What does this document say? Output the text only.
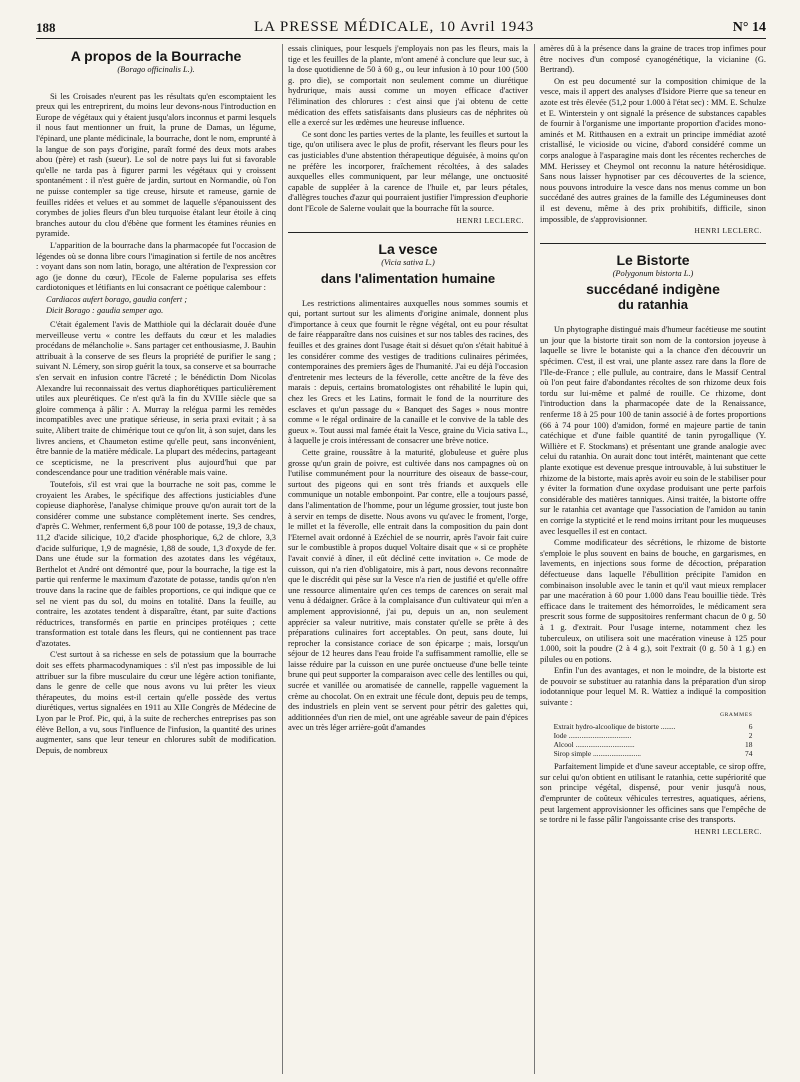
188	LA PRESSE MÉDICALE, 10 Avril 1943	N° 14
A propos de la Bourrache
(Borago officinalis L.).

Si les Croisades n'eurent pas les résultats qu'en escomptaient les preux qui les entreprirent, du moins leur devons-nous l'introduction en Europe de végétaux qui y étaient jusqu'alors inconnus et parmi lesquels il nous faut mentionner un fruit, la prune de Damas, un légume, l'épinard, une plante médicinale, la bourrache, dont le nom, emprunté à la langue de son pays d'origine, paraît formé des deux mots arabes abou (père) et rash (sueur). Le sol de notre pays lui fut si favorable qu'elle ne tarda pas à figurer parmi les végétaux qui y croissent spontanément : il n'est guère de jardin, surtout en Normandie, où l'on ne puisse contempler sa tige creuse, hirsute et rameuse, garnie de feuilles ridées et velues et au sommet de laquelle s'épanouissent des corymbes de jolies fleurs d'un bleu turquoise étalant leur étoile à cinq branches autour du clou d'ébène que forment les étamines réunies en pyramide.

L'apparition de la bourrache dans la pharmacopée fut l'occasion de légendes où se donna libre cours l'imagination si fertile de nos ancêtres : voyant dans son nom latin, borago, une altération de l'expression cor ago (je donne du cœur), l'Ecole de Falerne popularisa ses effets cardiotoniques et létifiants en lui consacrant ce poétique calembour :

Cardiacos aufert borago, gaudia confert ;

Dicit Borago : gaudia semper ago.

C'était également l'avis de Matthiole qui la déclarait douée d'une merveilleuse vertu « contre les deffauts du cœur et les maladies procédans de mélancholie ». Sans partager cet enthousiasme, J. Bauhin attribuait à la conserve de ses fleurs la propriété de purifier le sang ; suivant N. Lémery, son sirop guérit la toux, sa conserve et sa bourrache s'en servait en infusion contre l'âcreté ; le bénédictin Dom Nicolas Alexandre lui reconnaissait des vertus diaphorétiques particulièrement utiles aux pleurétiques. Ce n'est qu'à la fin du XVIIIe siècle que sa gloire commença à pâlir : A. Murray la relégua parmi les remèdes incompatibles avec une pratique sérieuse, in seria praxi evitait ; à sa suite, Alibert traite de chimérique tout ce qu'on lit, à son sujet, dans les livres anciens, et Chaumeton estime qu'elle peut, sans inconvénient, être bannie de la matière médicale. La plupart des médecins, partageant ce scepticisme, ne la prescrivent plus aujourd'hui que par condescendance pour une tradition vénérable mais vaine.

Toutefois, s'il est vrai que la bourrache ne soit pas, comme le croyaient les Arabes, le spécifique des affections justiciables d'une copieuse diaphorèse, l'analyse chimique prouve qu'on aurait tort de la considérer comme une substance complètement inerte. Ses cendres, d'après C. Wehmer, renferment 6,8 pour 100 de potasse, 19,3 de chaux, 11,2 d'acide silicique, 10,2 d'acide phosphorique, 6,2 de chlore, 3,3 d'acide sulfurique, 1,9 de magnésie, 1,88 de soude, 1,3 d'oxyde de fer. Dans une étude sur la formation des azotates dans les végétaux, Berthelot et André ont démontré que, pour la bourrache, la tige est la partie qui renferme le maximum d'azotate de potasse, tandis qu'on n'en trouve dans la racine que de faibles proportions, ce qui indique que ce sel ne vient pas du sol, du moins en totalité. Dans la feuille, au contraire, les azotates tendent à disparaître, étant, par suite d'actions réductrices, transformés en partie en principes protéiques ; cette transformation est totale dans les fleurs, qui ne contiennent pas trace d'azotates.

C'est surtout à sa richesse en sels de potassium que la bourrache doit ses effets pharmacodynamiques : s'il n'est pas impossible de lui attribuer sur la fibre musculaire du cœur une légère action tonifiante, dans le genre de celle que nous avons vu lui prêter les vieux thérapeutes, du moins est-il certain qu'elle possède des vertus diurétiques, vertus signalées en 1911 au XIIe Congrès de Médecine de Lyon par le Prof. Pic, qui, à la suite de recherches entreprises pas son élève Bellon, a vu, sous l'influence de l'infusion, la quantité des urines augmenter, sans que leur teneur en chlorures subît de modification. Depuis, de nombreux

essais cliniques, pour lesquels j'employais non pas les fleurs, mais la tige et les feuilles de la plante, m'ont amené à conclure que leur suc, à la dose quotidienne de 50 à 60 g., ou leur infusion à 10 pour 100 (500 g. pro die), se comportait non seulement comme un diurétique hydrurique, mais aussi comme un moyen efficace d'activer l'élimination des chlorures : c'est ainsi que j'ai obtenu de cette médication des effets satisfaisants dans plusieurs cas de néphrites où elle a exercé sur les œdèmes une heureuse influence.

Ce sont donc les parties vertes de la plante, les feuilles et surtout la tige, qu'on utilisera avec le plus de profit, réservant les fleurs pour les cas justiciables d'une abstention thérapeutique déguisée, à moins qu'on ne préfère les incorporer, fraîchement récoltées, à des salades auxquelles elles communiquent, par leur mélange, une onctuosité capable de suppléer à la carence de l'huile et, par leurs pétales, d'allègres touches d'azur qui pourraient justifier l'impression d'euphorie dont l'Ecole de Salerne voulait que la bourrache fût la source.

HENRI LECLERC.
La vesce
(Vicia sativa L.)
dans l'alimentation humaine

Les restrictions alimentaires auxquelles nous sommes soumis et qui, portant surtout sur les aliments d'origine animale, donnent plus d'importance à ceux que fournit le règne végétal, ont eu pour résultat de faire réapparaître dans nos cuisines et sur nos tables des racines, des feuilles et des graines dont l'usage était si désuet qu'on s'était habitué à les considérer comme des vestiges de traditions culinaires périmées, contemporaines des premiers âges de l'humanité. J'ai eu déjà l'occasion d'entretenir mes lecteurs de la féverolle, cette ancêtre de la fève des marais : depuis, certains bromatologistes ont réhabilité le lupin qui, chez les Grecs et les Latins, formait le fond de la nourriture des esclaves et qu'un passage du « Banquet des Sages » nous montre comme « le régal ordinaire de la canaille et le convive de la table des gueux ». Tout aussi mal famée était la Vesce, graine du Vicia sativa L., à laquelle je crois intéressant de consacrer une brève notice.

Cette graine, roussâtre à la maturité, globuleuse et guère plus grosse qu'un grain de poivre, est cultivée dans nos campagnes où on l'utilise communément pour la nourriture des oiseaux de basse-cour, surtout des pigeons qui en sont très friands et auxquels elle communique un notable embonpoint. Par contre, elle a toujours passé, dans l'alimentation de l'homme, pour un légume grossier, tout juste bon à servir en temps de disette. Nous avons vu qu'avec le froment, l'orge, le millet et la féverolle, elle entrait dans la composition du pain dont l'Eternel avait ordonné à Ezéchiel de se nourrir, après l'avoir fait cuire sur le combustible à propos duquel Voltaire disait que « si ce prophète l'avait convié à dîner, il eût décliné cette invitation ». Ce mode de cuisson, qui n'a rien d'obligatoire, mis à part, nous devons reconnaître que le discrédit qui pèse sur la Vesce n'a rien de justifié et qu'elle offre une ressource alimentaire qu'en ces temps de carences on serait mal venu à dédaigner. Grâce à la complaisance d'un cultivateur qui m'en a amplement approvisionné, j'ai pu, depuis un an, non seulement apprécier sa valeur nutritive, mais constater qu'elle se prête à des préparations culinaires fort acceptables. On peut, sans doute, lui reprocher la consistance coriace de son épicarpe ; mais, lorsqu'un séjour de 12 heures dans l'eau froide l'a suffisamment ramollie, elle se laisse réduire par la cuisson en une purée onctueuse d'une belle teinte brune qui peut supporter la comparaison avec celle des lentilles ou qui, sucrée et vanillée ou aromatisée de cannelle, rappelle vaguement la crème au chocolat. On en extrait une fécule dont, depuis peu de temps, des industriels en plein vent se servent pour pétrir des galettes qui, additionnées d'un rien de miel, ont une agréable saveur de pain d'épices avec un très léger arrière-goût d'amandes

amères dû à la présence dans la graine de traces trop infimes pour être nocives d'un composé cyanogénétique, la vicianine (G. Bertrand).

On est peu documenté sur la composition chimique de la vesce, mais il appert des analyses d'Isidore Pierre que sa teneur en azote est très élevée (51,2 pour 1.000 à l'état sec) : MM. E. Schulze et E. Winterstein y ont signalé la présence de substances capables de fournir à l'organisme une importante proportion d'acides mono-aminés et M. Ritthausen en a extrait un principe immédiat azoté cristallisé, le vicioside ou vicine, d'abord considéré comme un corps analogue à l'asparagine mais dont les récentes recherches de MM. Herissey et Cheymol ont reconnu la nature hétérosidique. Sans nous laisser hypnotiser par ces découvertes de la science, nous pouvons introduire la vesce dans nos menus comme un bon succédané des autres graines de la famille des Légumineuses dont il est devenu, même à des prix prohibitifs, difficile, sinon impossible, de s'approvisionner.

HENRI LECLERC.
Le Bistorte
(Polygonum bistorta L.)
succédané indigène
du ratanhia

Un phytographe distingué mais d'humeur facétieuse me soutint un jour que la bistorte tirait son nom de la contorsion joyeuse à laquelle se livre le botaniste qui a la chance d'en découvrir un spécimen. C'est, il est vrai, une plante assez rare dans la flore de l'Ile-de-France ; elle pullule, au contraire, dans le Massif Central où l'on peut faire d'abondantes récoltes de son rhizome deux fois tordu sur lui-même et palmé de rouille. Ce rhizome, dont l'introduction dans la pharmacopée date de la Renaissance, renferme 18 à 25 pour 100 de tanin associé à de fortes proportions (66 à 74 pour 100) d'amidon, formé en majeure partie de tanin catéchique et d'une faible quantité de tanin pyrogallique (Y. Willière et F. Stockmans) et présentant une grande analogie avec celui du ratanhia. On aurait donc tout intérêt, maintenant que cette plante exotique est devenue presque introuvable, à lui substituer le rhizome de la bistorte, mais après avoir eu soin de le stabiliser pour y éviter la formation d'une oxydase produisant une perte parfois considérable des matières tanniques. Ainsi traitée, la bistorte offre sur le ratanhia cet avantage que l'association de l'amidon au tanin en corrige la stypticité et le rend moins irritant pour les muqueuses avec lesquelles il est en contact.

Comme modificateur des sécrétions, le rhizome de bistorte s'emploie le plus souvent en bains de bouche, en gargarismes, en lavements, en injections sous forme de décoction, préparation défectueuse dans laquelle l'ébullition précipite l'amidon en combinaison insoluble avec le tanin et qu'il vaut mieux remplacer par une macération à 60 pour 1.000 dans l'eau bouillie tiède. Très efficace dans le traitement des hémorroïdes, le médicament sera prescrit sous forme de suppositoires renfermant chacun de 0 g. 50 à 1 g. d'extrait. Pour l'usage interne, notamment chez les tuberculeux, on utilisera soit une macération vineuse à 125 pour 1.000, soit la poudre (2 à 4 g.), soit l'extrait (0 g. 50 à 1 g.) en pilules ou en potions.

Enfin l'un des avantages, et non le moindre, de la bistorte est de pouvoir se substituer au ratanhia dans la préparation d'un sirop iodotannique pour lequel M. R. Wattiez a indiqué la composition suivante :

GRAMMES
Extrait hydro-alcoolique de bistorte ........	6
Iode ..................................	2
Alcool ................................	18
Sirop simple ..........................	74

Parfaitement limpide et d'une saveur acceptable, ce sirop offre, sur celui qu'on obtient en utilisant le ratanhia, cette supériorité que son principe végétal, dispensé, pour venir jusqu'à nous, d'emprunter de coûteux véhicules terrestres, aquatiques, aériens, peut largement approvisionner les officines sans que l'empêche de se tordre ni le fasse pâlir l'angoissante crise des transports.

HENRI LECLERC.
